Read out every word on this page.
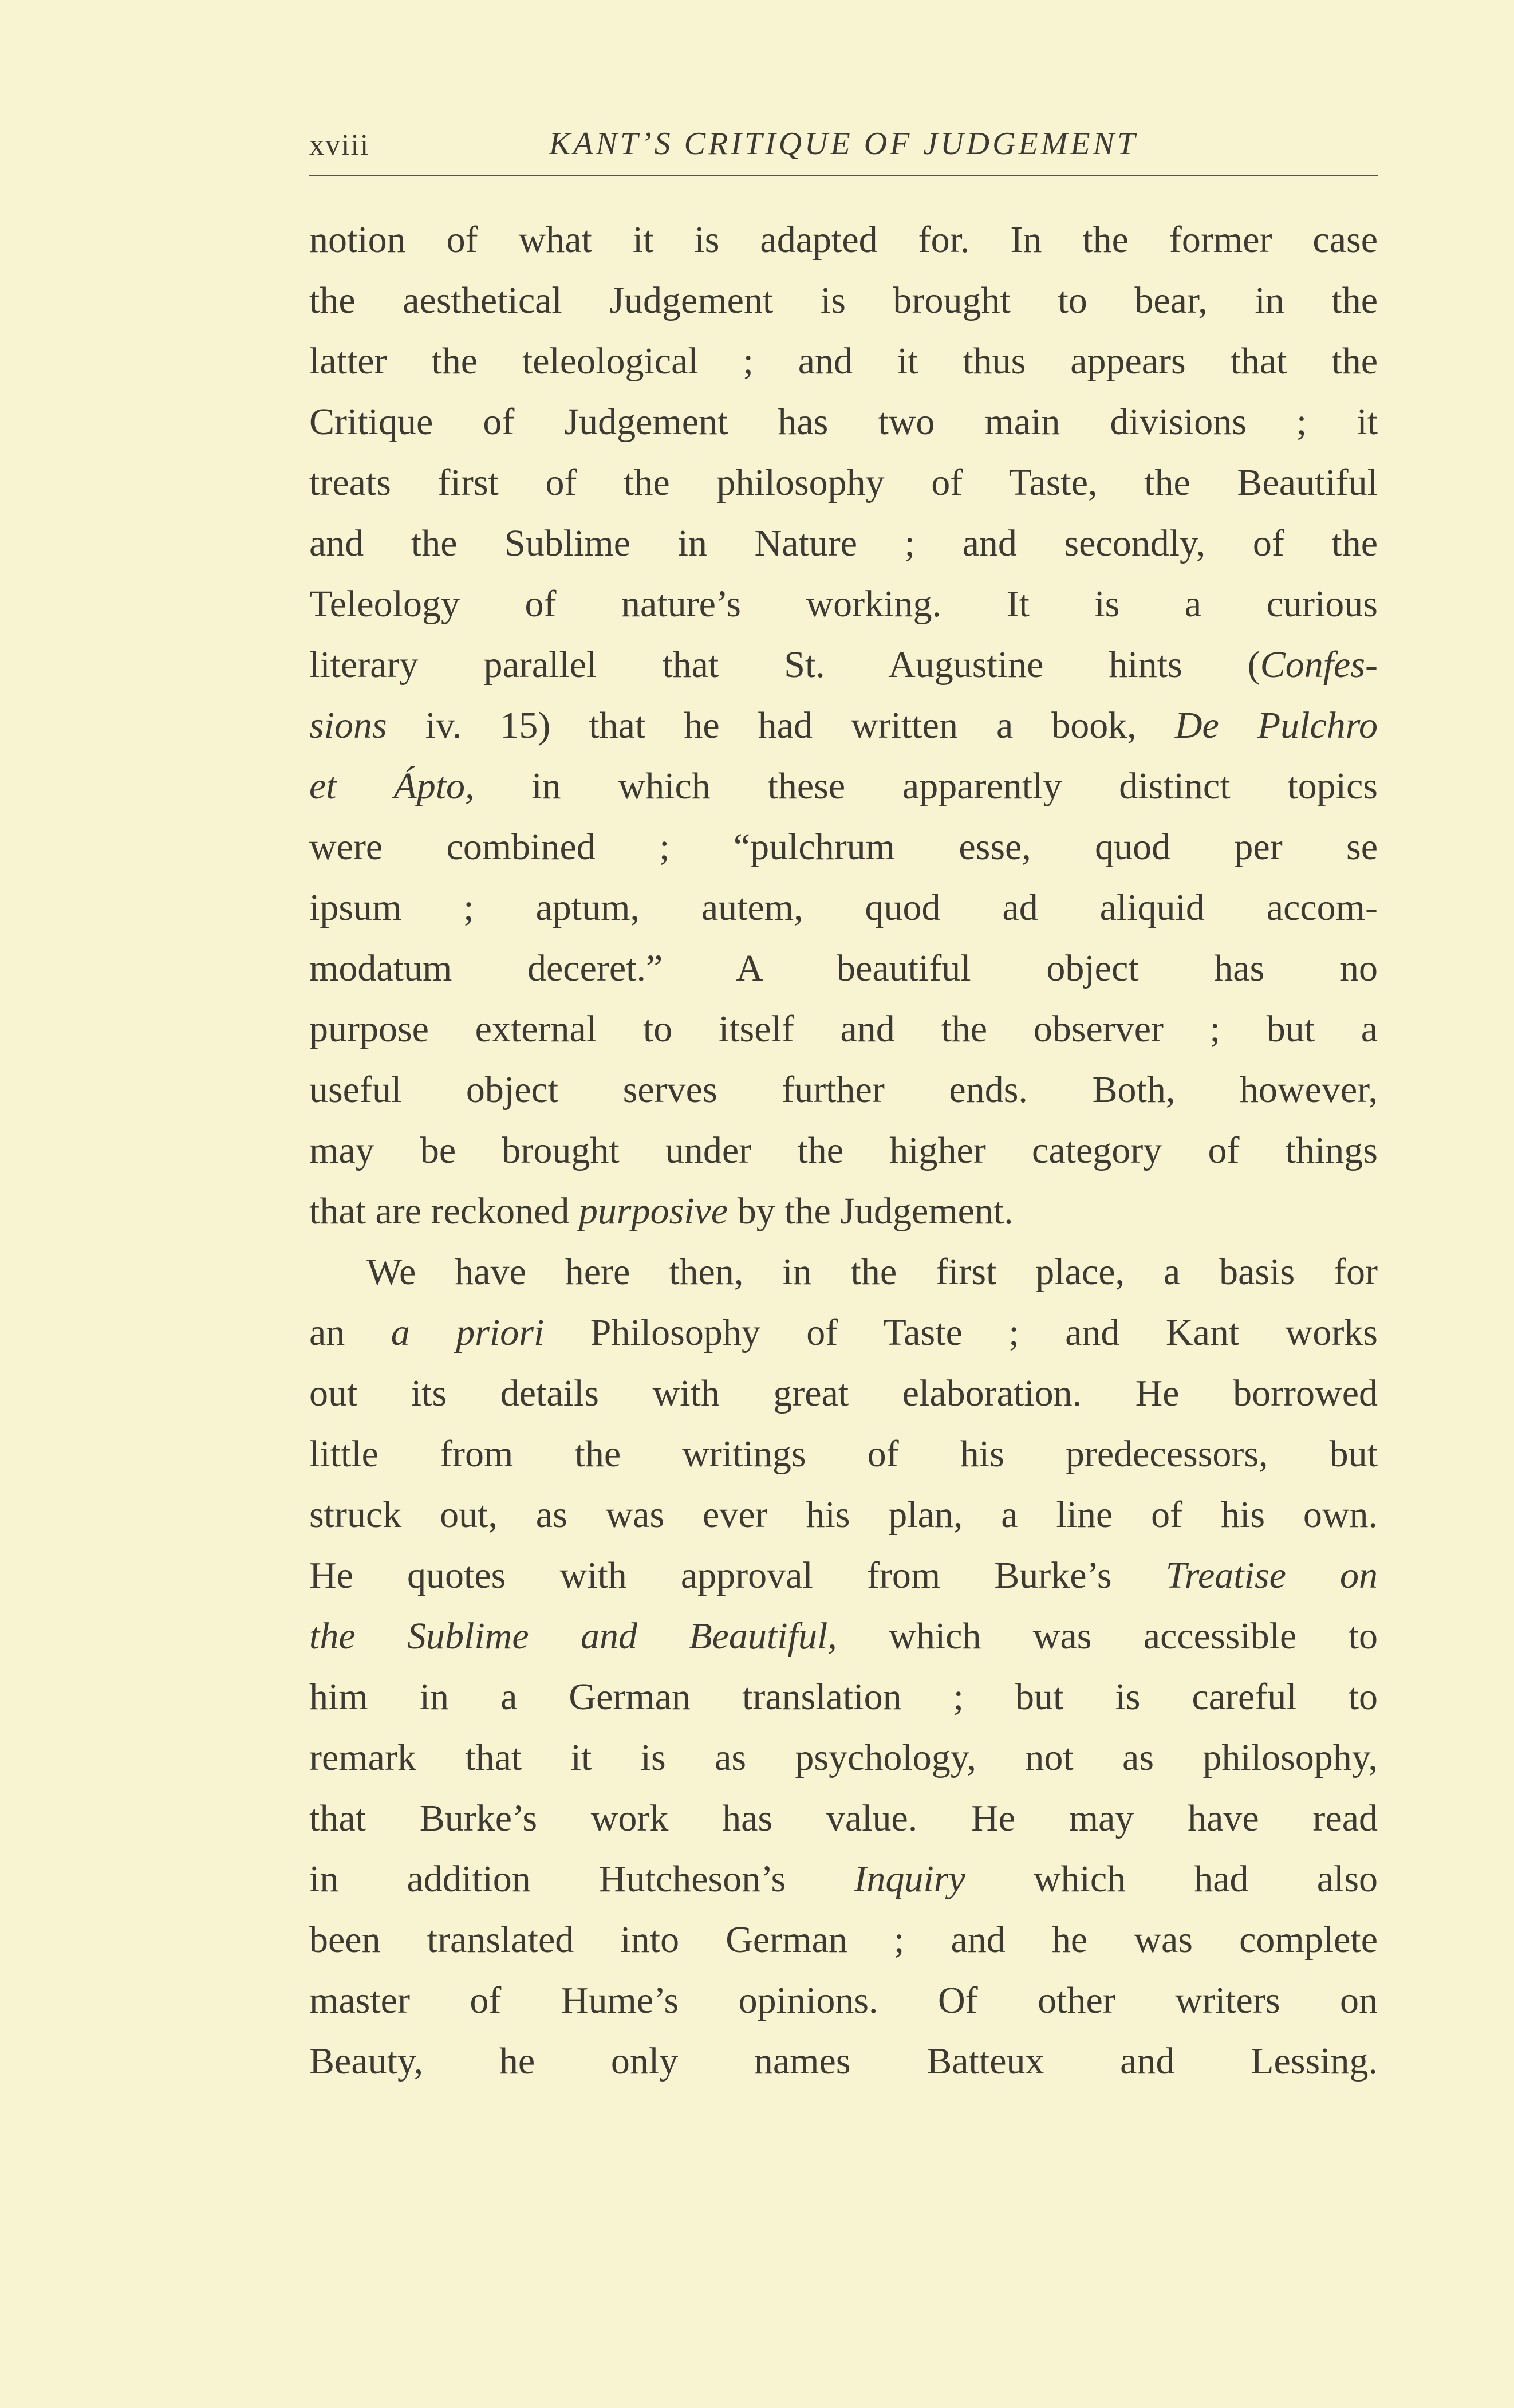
xviii	KANT’S CRITIQUE OF JUDGEMENT
notion of what it is adapted for. In the former case
the aesthetical Judgement is brought to bear, in the
latter the teleological ; and it thus appears that the
Critique of Judgement has two main divisions ; it
treats first of the philosophy of Taste, the Beautiful
and the Sublime in Nature ; and secondly, of the
Teleology of nature’s working. It is a curious
literary parallel that St. Augustine hints (Confes-
sions iv. 15) that he had written a book, De Pulchro
et Ápto, in which these apparently distinct topics
were combined ; “pulchrum esse, quod per se
ipsum ; aptum, autem, quod ad aliquid accom-
modatum deceret.” A beautiful object has no
purpose external to itself and the observer ; but a
useful object serves further ends. Both, however,
may be brought under the higher category of things
that are reckoned purposive by the Judgement.
We have here then, in the first place, a basis for
an a priori Philosophy of Taste ; and Kant works
out its details with great elaboration. He borrowed
little from the writings of his predecessors, but
struck out, as was ever his plan, a line of his own.
He quotes with approval from Burke’s Treatise on
the Sublime and Beautiful, which was accessible to
him in a German translation ; but is careful to
remark that it is as psychology, not as philosophy,
that Burke’s work has value. He may have read
in addition Hutcheson’s Inquiry which had also
been translated into German ; and he was complete
master of Hume’s opinions. Of other writers on
Beauty, he only names Batteux and Lessing.
